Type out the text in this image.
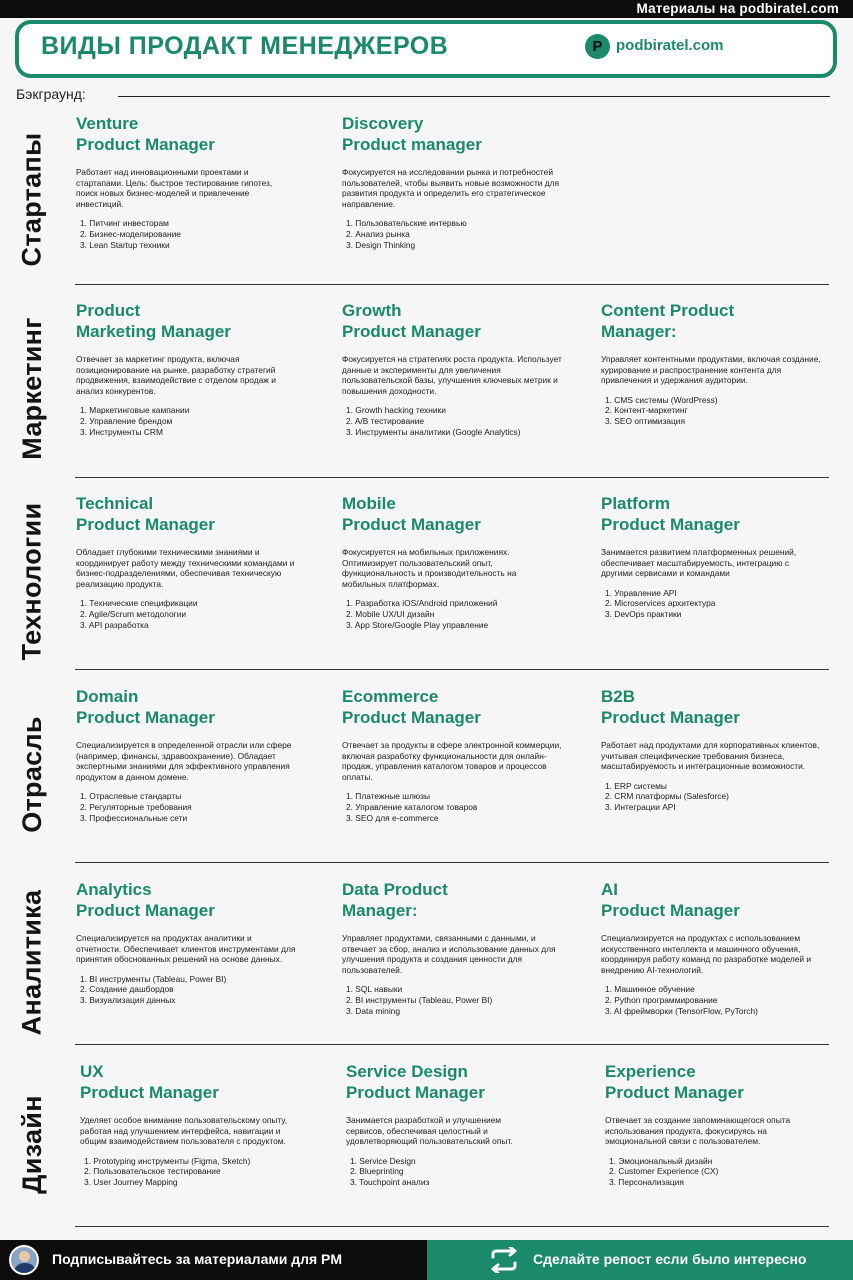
Материалы на podbiratel.com
ВИДЫ ПРОДАКТ МЕНЕДЖЕРОВ	P podbiratel.com
Бэкграунд:
Стартапы
Venture
Product Manager
Работает над инновационными проектами и стартапами. Цель: быстрое тестирование гипотез, поиск новых бизнес-моделей и привлечение инвестиций.
1. Питчинг инвесторам
2. Бизнес-моделирование
3. Lean Startup техники
Discovery
Product manager
Фокусируется на исследовании рынка и потребностей пользователей, чтобы выявить новые возможности для развития продукта и определить его стратегическое направление.
1. Пользовательские интервью
2. Анализ рынка
3. Design Thinking
Маркетинг
Product
Marketing Manager
Отвечает за маркетинг продукта, включая позиционирование на рынке, разработку стратегий продвижения, взаимодействие с отделом продаж и анализ конкурентов.
1. Маркетинговые кампании
2. Управление брендом
3. Инструменты CRM
Growth
Product Manager
Фокусируется на стратегиях роста продукта. Использует данные и эксперименты для увеличения пользовательской базы, улучшения ключевых метрик и повышения доходности.
1. Growth hacking техники
2. A/B тестирование
3. Инструменты аналитики (Google Analytics)
Content Product
Manager:
Управляет контентными продуктами, включая создание, курирование и распространение контента для привлечения и удержания аудитории.
1. CMS системы (WordPress)
2. Контент-маркетинг
3. SEO оптимизация
Технологии Technical
Product Manager
Обладает глубокими техническими знаниями и координирует работу между техническими командами и бизнес-подразделениями, обеспечивая техническую реализацию продукта.
1. Технические спецификации
2. Agile/Scrum методологии
3. API разработка
Mobile
Product Manager
Фокусируется на мобильных приложениях. Оптимизирует пользовательский опыт, функциональность и производительность на мобильных платформах.
1. Разработка iOS/Android приложений
2. Mobile UX/UI дизайн
3. App Store/Google Play управление
Platform
Product Manager
Занимается развитием платформенных решений, обеспечивает масштабируемость, интеграцию с другими сервисами и командами
1. Управление API
2. Microservices архитектура
3. DevOps практики
Отрасль
Domain
Product Manager
Специализируется в определенной отрасли или сфере (например, финансы, здравоохранение). Обладает экспертными знаниями для эффективного управления продуктом в данном домене.
1. Отраслевые стандарты
2. Регуляторные требования
3. Профессиональные сети
Ecommerce
Product Manager
Отвечает за продукты в сфере электронной коммерции, включая разработку функциональности для онлайн-продаж, управления каталогом товаров и процессов оплаты.
1. Платежные шлюзы
2. Управление каталогом товаров
3. SEO для e-commerce
B2B
Product Manager
Работает над продуктами для корпоративных клиентов, учитывая специфические требования бизнеса, масштабируемость и интеграционные возможности.
1. ERP системы
2. CRM платформы (Salesforce)
3. Интеграции API
Аналитика Analytics
Product Manager
Специализируется на продуктах аналитики и отчетности. Обеспечивает клиентов инструментами для принятия обоснованных решений на основе данных.
1. BI инструменты (Tableau, Power BI)
2. Создание дашбордов
3. Визуализация данных
Data Product
Manager:
Управляет продуктами, связанными с данными, и отвечает за сбор, анализ и использование данных для улучшения продукта и создания ценности для пользователей.
1. SQL навыки
2. BI инструменты (Tableau, Power BI)
3. Data mining
AI
Product Manager
Специализируется на продуктах с использованием искусственного интеллекта и машинного обучения, координируя работу команд по разработке моделей и внедрению AI-технологий.
1. Машинное обучение
2. Python программирование
3. AI фреймворки (TensorFlow, PyTorch)
Дизайн
UX
Product Manager
Уделяет особое внимание пользовательскому опыту, работая над улучшением интерфейса, навигации и общим взаимодействием пользователя с продуктом.
1. Prototyping инструменты (Figma, Sketch)
2. Пользовательское тестирование
3. User Journey Mapping
Service Design
Product Manager
Занимается разработкой и улучшением сервисов, обеспечивая целостный и удовлетворяющий пользовательский опыт.
1. Service Design
2. Blueprinting
3. Touchpoint анализ
Experience
Product Manager
Отвечает за создание запоминающегося опыта использования продукта, фокусируясь на эмоциональной связи с пользователем.
1. Эмоциональный дизайн
2. Customer Experience (CX)
3. Персонализация
Подписывайтесь за материалами для PM	Сделайте репост если было интересно
